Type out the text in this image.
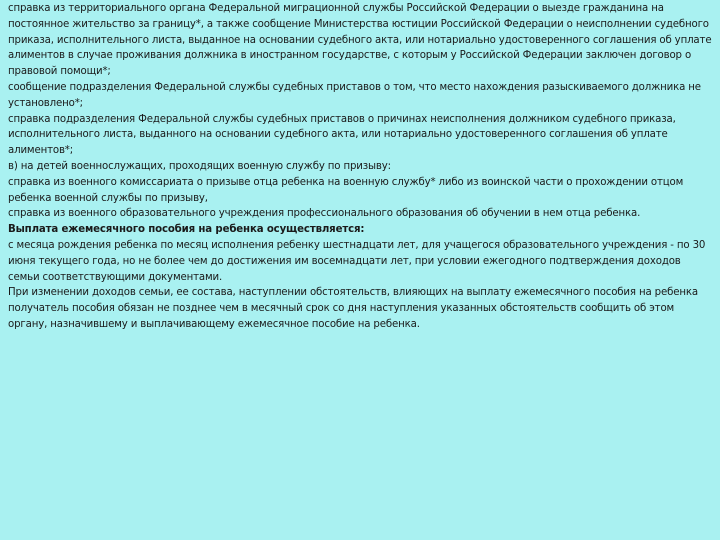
справка из территориального органа Федеральной миграционной службы Российской Федерации о выезде гражданина на постоянное жительство за границу*, а также сообщение Министерства юстиции Российской Федерации о неисполнении судебного приказа, исполнительного листа, выданное на основании судебного акта, или нотариально удостоверенного соглашения об уплате алиментов в случае проживания должника в иностранном государстве, с которым у Российской Федерации заключен договор о правовой помощи*;

сообщение подразделения Федеральной службы судебных приставов о том, что место нахождения разыскиваемого должника не установлено*;

справка подразделения Федеральной службы судебных приставов о причинах неисполнения должником судебного приказа, исполнительного листа, выданного на основании судебного акта, или нотариально удостоверенного соглашения об уплате алиментов*;

в) на детей военнослужащих, проходящих военную службу по призыву:

справка из военного комиссариата о призыве отца ребенка на военную службу* либо из воинской части о прохождении отцом ребенка военной службы по призыву,

справка из военного образовательного учреждения профессионального образования об обучении в нем отца ребенка.

Выплата ежемесячного пособия на ребенка осуществляется:

с месяца рождения ребенка по месяц исполнения ребенку шестнадцати лет, для учащегося образовательного учреждения - по 30 июня текущего года, но не более чем до достижения им восемнадцати лет, при условии ежегодного подтверждения доходов семьи соответствующими документами.

При изменении доходов семьи, ее состава, наступлении обстоятельств, влияющих на выплату ежемесячного пособия на ребенка получатель пособия обязан не позднее чем в месячный срок со дня наступления указанных обстоятельств сообщить об этом органу, назначившему и выплачивающему ежемесячное пособие на ребенка.
